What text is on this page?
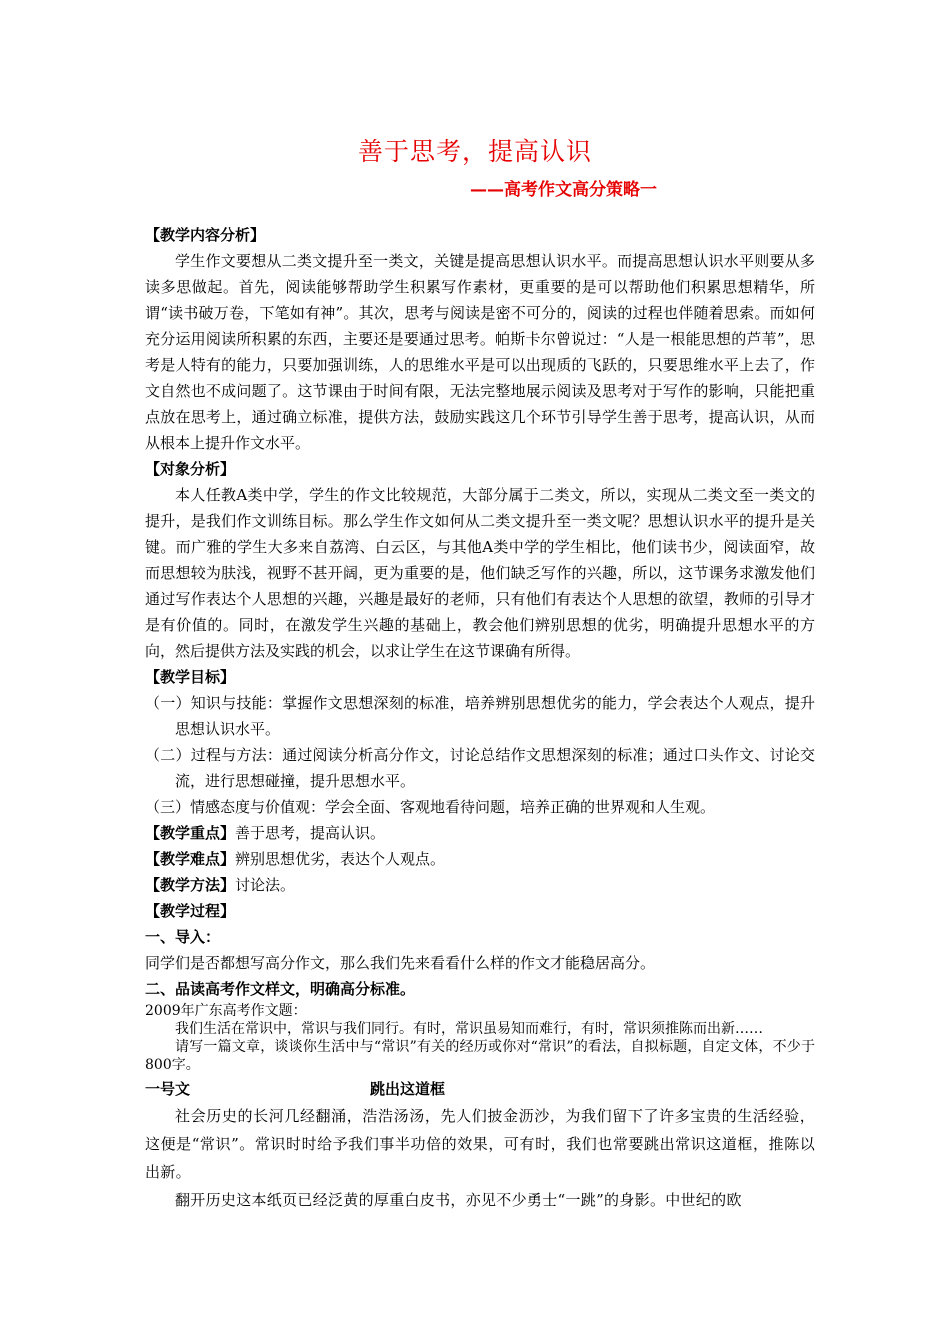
善于思考，提高认识
——高考作文高分策略一
【教学内容分析】
学生作文要想从二类文提升至一类文，关键是提高思想认识水平。而提高思想认识水平则要从多读多思做起。首先，阅读能够帮助学生积累写作素材，更重要的是可以帮助他们积累思想精华，所谓“读书破万卷，下笔如有神”。其次，思考与阅读是密不可分的，阅读的过程也伴随着思索。而如何充分运用阅读所积累的东西，主要还是要通过思考。帕斯卡尔曾说过：“人是一根能思想的芦苇”，思考是人特有的能力，只要加强训练，人的思维水平是可以出现质的飞跃的，只要思维水平上去了，作文自然也不成问题了。这节课由于时间有限，无法完整地展示阅读及思考对于写作的影响，只能把重点放在思考上，通过确立标准，提供方法，鼓励实践这几个环节引导学生善于思考，提高认识，从而从根本上提升作文水平。
【对象分析】
本人任教A类中学，学生的作文比较规范，大部分属于二类文，所以，实现从二类文至一类文的提升，是我们作文训练目标。那么学生作文如何从二类文提升至一类文呢？思想认识水平的提升是关键。而广雅的学生大多来自荔湾、白云区，与其他A类中学的学生相比，他们读书少，阅读面窄，故而思想较为肤浅，视野不甚开阔，更为重要的是，他们缺乏写作的兴趣，所以，这节课务求激发他们通过写作表达个人思想的兴趣，兴趣是最好的老师，只有他们有表达个人思想的欲望，教师的引导才是有价值的。同时，在激发学生兴趣的基础上，教会他们辨别思想的优劣，明确提升思想水平的方向，然后提供方法及实践的机会，以求让学生在这节课确有所得。
【教学目标】
（一）知识与技能：掌握作文思想深刻的标准，培养辨别思想优劣的能力，学会表达个人观点，提升思想认识水平。
（二）过程与方法：通过阅读分析高分作文，讨论总结作文思想深刻的标准；通过口头作文、讨论交流，进行思想碰撞，提升思想水平。
（三）情感态度与价值观：学会全面、客观地看待问题，培养正确的世界观和人生观。
【教学重点】善于思考，提高认识。
【教学难点】辨别思想优劣，表达个人观点。
【教学方法】讨论法。
【教学过程】
一、导入：
同学们是否都想写高分作文，那么我们先来看看什么样的作文才能稳居高分。
二、品读高考作文样文，明确高分标准。
2009年广东高考作文题：
我们生活在常识中，常识与我们同行。有时，常识虽易知而难行，有时，常识须推陈而出新……
请写一篇文章，谈谈你生活中与“常识”有关的经历或你对“常识”的看法，自拟标题，自定文体，不少于800字。
一号文	跳出这道框
社会历史的长河几经翻涌，浩浩汤汤，先人们披金沥沙，为我们留下了许多宝贵的生活经验，这便是“常识”。常识时时给予我们事半功倍的效果，可有时，我们也常要跳出常识这道框，推陈以出新。
翻开历史这本纸页已经泛黄的厚重白皮书，亦见不少勇士“一跳”的身影。中世纪的欧
